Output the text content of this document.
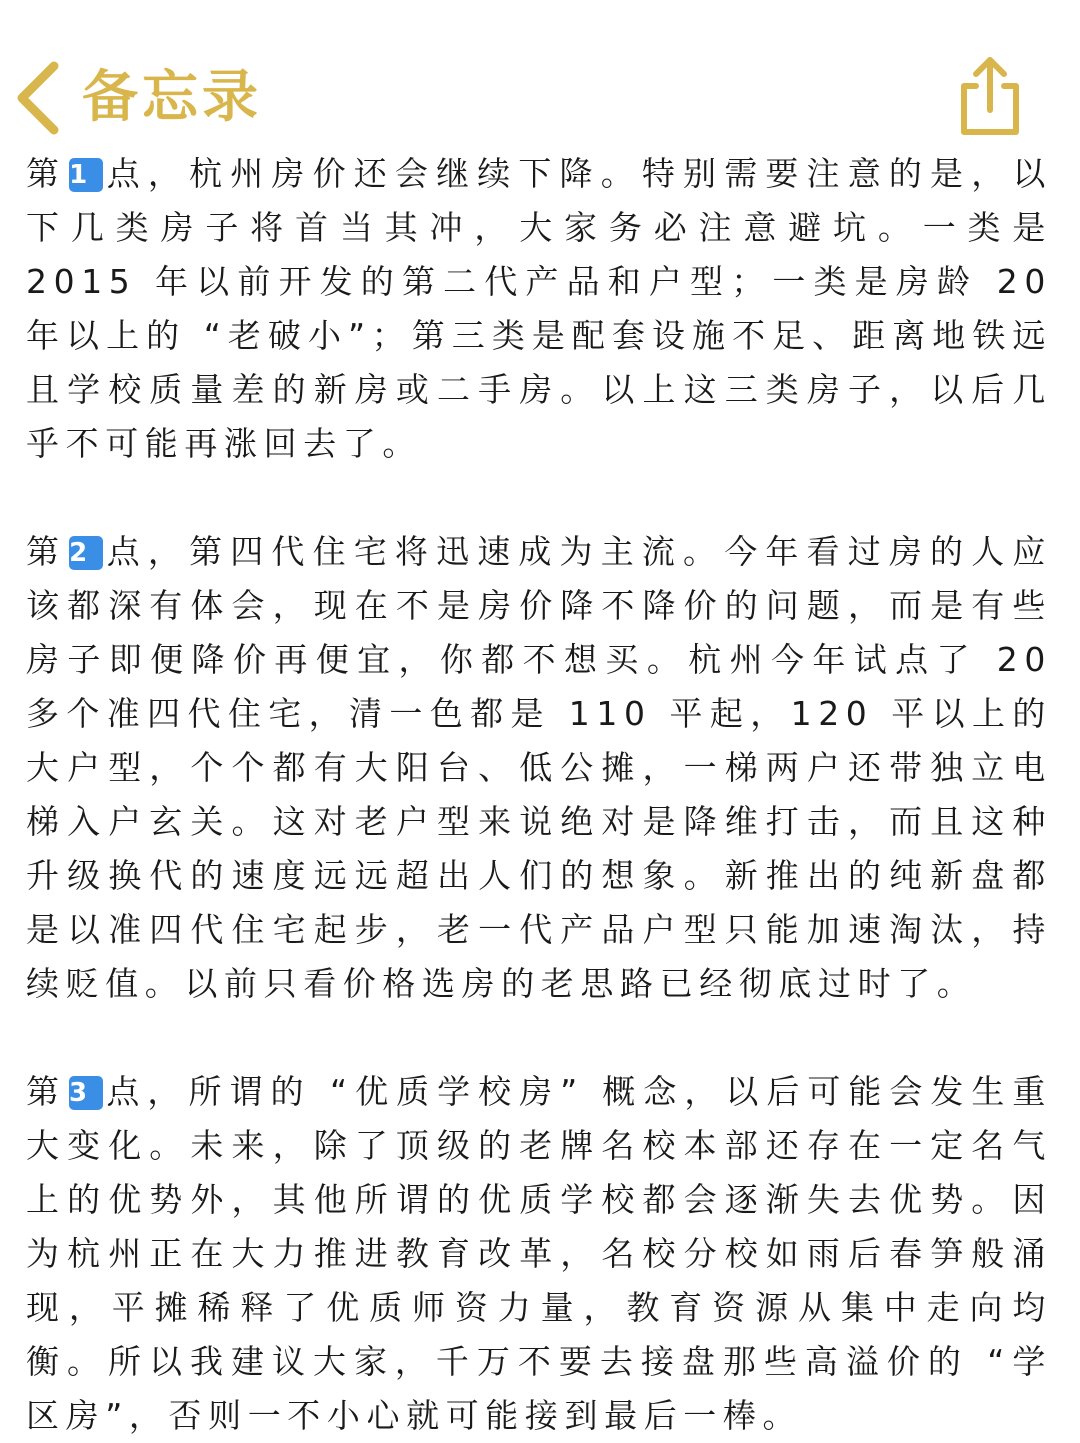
备忘录

第1 点，杭州房价还会继续下降。特别需要注意的是，以下几类房子将首当其冲，大家务必注意避坑。一类是 2015 年以前开发的第二代产品和户型；一类是房龄 20 年以上的 “老破小”；第三类是配套设施不足、距离地铁远且学校质量差的新房或二手房。以上这三类房子，以后几乎不可能再涨回去了。

第2 点，第四代住宅将迅速成为主流。今年看过房的人应该都深有体会，现在不是房价降不降价的问题，而是有些房子即便降价再便宜，你都不想买。杭州今年试点了 20 多个准四代住宅，清一色都是 110 平起，120 平以上的大户型，个个都有大阳台、低公摊，一梯两户还带独立电梯入户玄关。这对老户型来说绝对是降维打击，而且这种升级换代的速度远远超出人们的想象。新推出的纯新盘都是以准四代住宅起步，老一代产品户型只能加速淘汰，持续贬值。以前只看价格选房的老思路已经彻底过时了。

第3 点，所谓的 “优质学校房” 概念，以后可能会发生重大变化。未来，除了顶级的老牌名校本部还存在一定名气上的优势外，其他所谓的优质学校都会逐渐失去优势。因为杭州正在大力推进教育改革，名校分校如雨后春笋般涌现，平摊稀释了优质师资力量，教育资源从集中走向均衡。所以我建议大家，千万不要去接盘那些高溢价的 “学区房”，否则一不小心就可能接到最后一棒。
